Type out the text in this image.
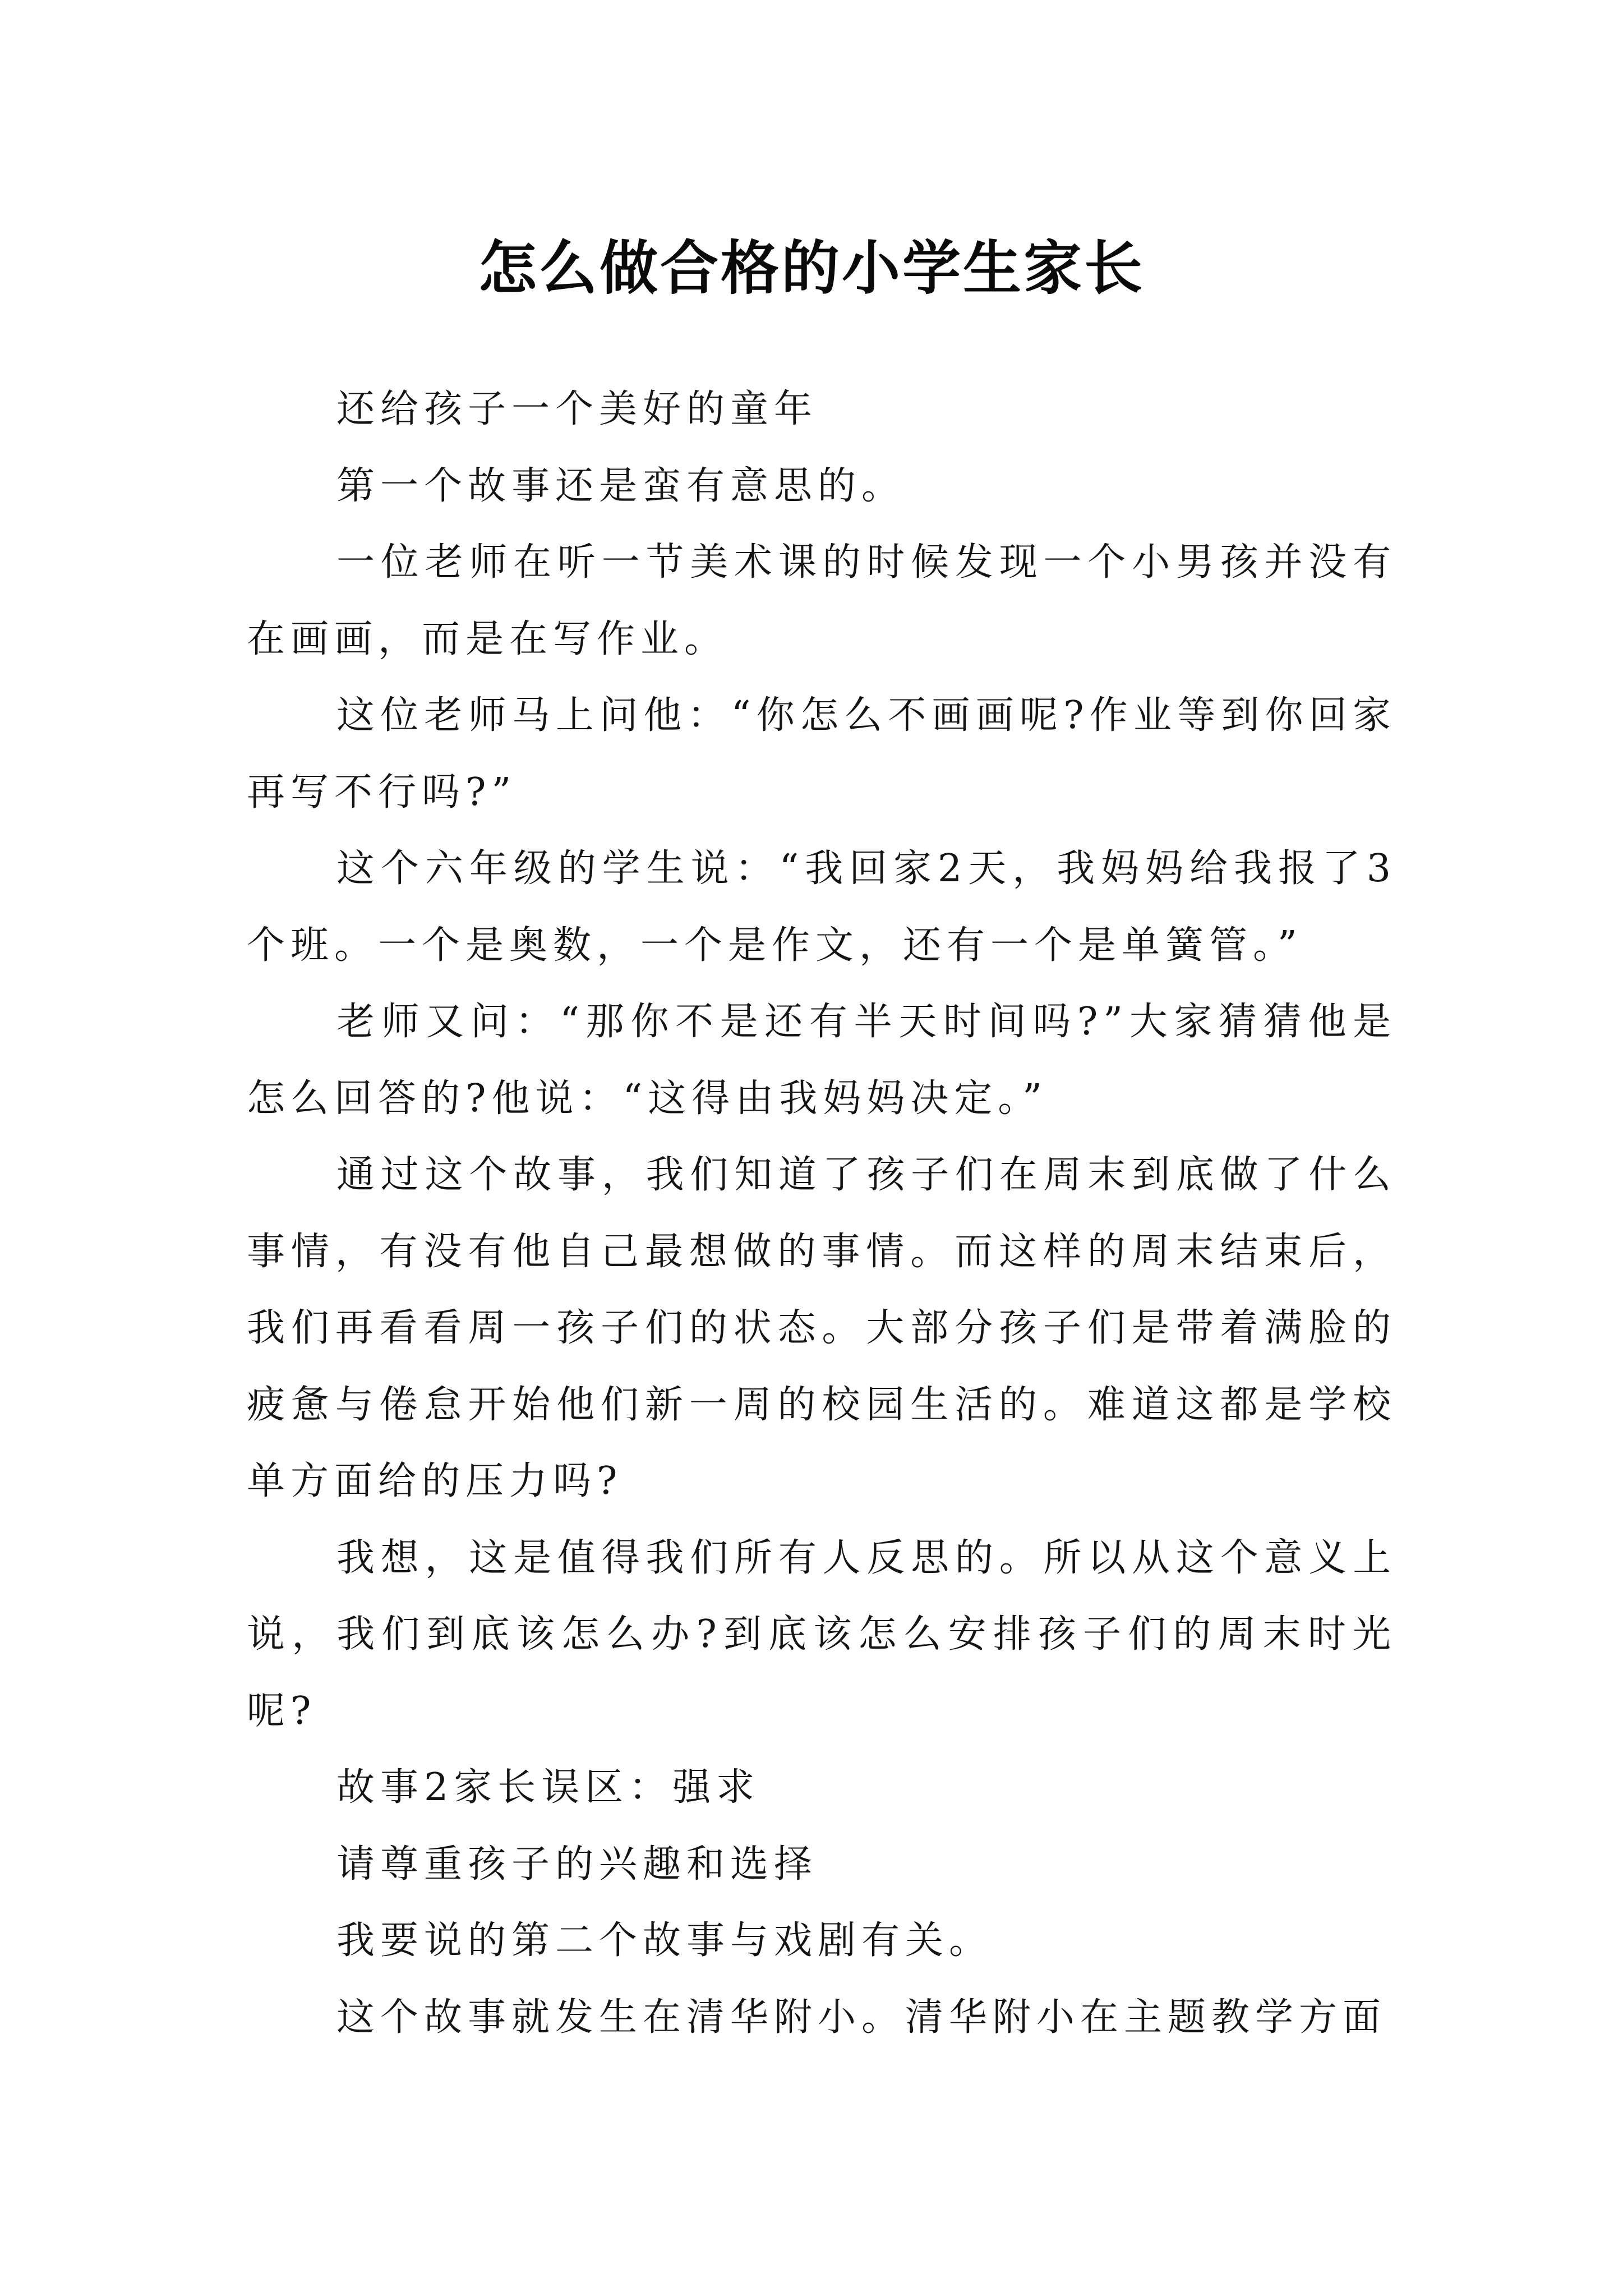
怎么做合格的小学生家长

还给孩子一个美好的童年

第一个故事还是蛮有意思的。

一位老师在听一节美术课的时候发现一个小男孩并没有在画画，而是在写作业。

这位老师马上问他：“你怎么不画画呢?作业等到你回家再写不行吗?”

这个六年级的学生说：“我回家2天，我妈妈给我报了3个班。一个是奥数，一个是作文，还有一个是单簧管。”

老师又问：“那你不是还有半天时间吗?”大家猜猜他是怎么回答的?他说：“这得由我妈妈决定。”

通过这个故事，我们知道了孩子们在周末到底做了什么事情，有没有他自己最想做的事情。而这样的周末结束后，我们再看看周一孩子们的状态。大部分孩子们是带着满脸的疲惫与倦怠开始他们新一周的校园生活的。难道这都是学校单方面给的压力吗?

我想，这是值得我们所有人反思的。所以从这个意义上说，我们到底该怎么办?到底该怎么安排孩子们的周末时光呢?

故事2家长误区：强求

请尊重孩子的兴趣和选择

我要说的第二个故事与戏剧有关。

这个故事就发生在清华附小。清华附小在主题教学方面
